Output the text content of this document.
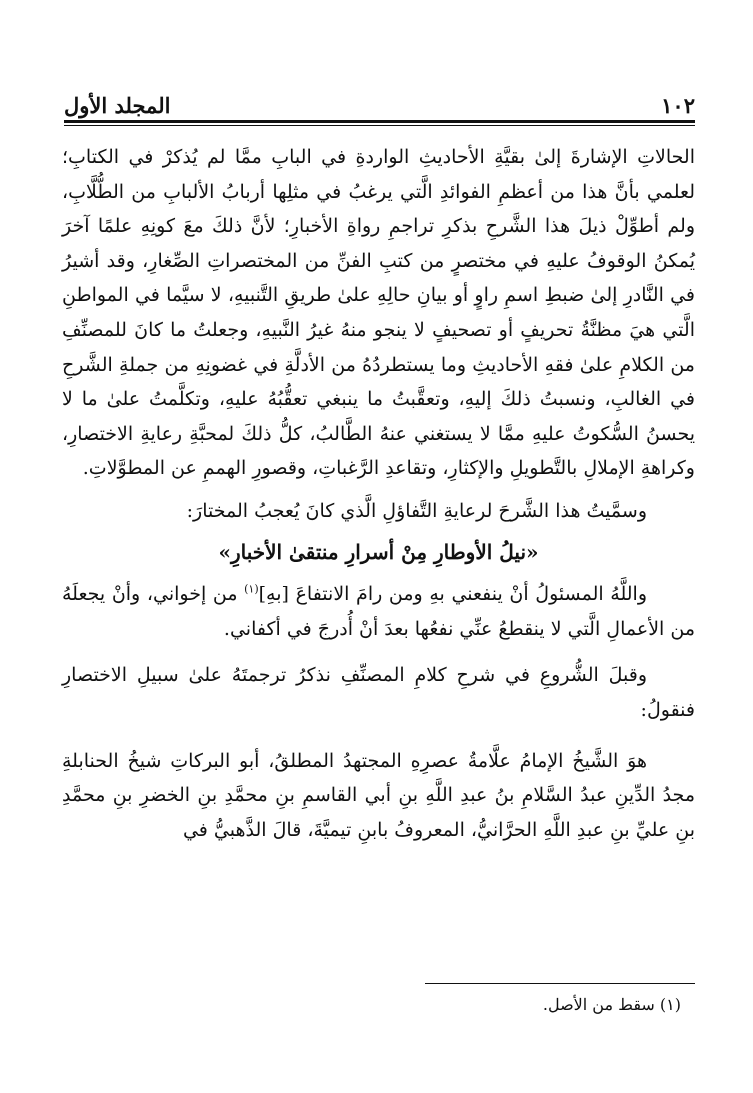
١٠٢
المجلد الأول

الحالاتِ الإشارةَ إلىٰ بقيَّةِ الأحاديثِ الواردةِ في البابِ ممَّا لم يُذكرْ في الكتابِ؛ لعلمي بأنَّ هذا من أعظمِ الفوائدِ الَّتي يرغبُ في مثلِها أربابُ الألبابِ من الطُّلَّابِ، ولم أطوِّلْ ذيلَ هذا الشَّرحِ بذكرِ تراجمِ رواةِ الأخبارِ؛ لأنَّ ذلكَ معَ كونِهِ علمًا آخرَ يُمكنُ الوقوفُ عليهِ في مختصرٍ من كتبِ الفنِّ من المختصراتِ الصِّغارِ، وقد أشيرُ في النَّادرِ إلىٰ ضبطِ اسمِ راوٍ أو بيانِ حالِهِ علىٰ طريقِ التَّنبيهِ، لا سيَّما في المواطنِ الَّتي هيَ مظنَّةُ تحريفٍ أو تصحيفٍ لا ينجو منهُ غيرُ النَّبيهِ، وجعلتُ ما كانَ للمصنِّفِ من الكلامِ علىٰ فقهِ الأحاديثِ وما يستطردُهُ من الأدلَّةِ في غضونِهِ من جملةِ الشَّرحِ في الغالبِ، ونسبتُ ذلكَ إليهِ، وتعقَّبتُ ما ينبغي تعقُّبُهُ عليهِ، وتكلَّمتُ علىٰ ما لا يحسنُ السُّكوتُ عليهِ ممَّا لا يستغني عنهُ الطَّالبُ، كلُّ ذلكَ لمحبَّةِ رعايةِ الاختصارِ، وكراهةِ الإملالِ بالتَّطويلِ والإكثارِ، وتقاعدِ الرَّغباتِ، وقصورِ الهممِ عن المطوَّلاتِ.

وسمَّيتُ هذا الشَّرحَ لرعايةِ التَّفاؤلِ الَّذي كانَ يُعجبُ المختارَ:

«نيلُ الأوطارِ مِنْ أسرارِ منتقىٰ الأخبارِ»

واللَّهُ المسئولُ أنْ ينفعني بهِ ومن رامَ الانتفاعَ [بهِ]$^{(١)}$ من إخواني، وأنْ يجعلَهُ من الأعمالِ الَّتي لا ينقطعُ عنِّي نفعُها بعدَ أنْ أُدرجَ في أكفاني.

وقبلَ الشُّروعِ في شرحِ كلامِ المصنِّفِ نذكرُ ترجمتَهُ علىٰ سبيلِ الاختصارِ فنقولُ:

هوَ الشَّيخُ الإمامُ علَّامةُ عصرِهِ المجتهدُ المطلقُ، أبو البركاتِ شيخُ الحنابلةِ مجدُ الدِّينِ عبدُ السَّلامِ بنُ عبدِ اللَّهِ بنِ أبي القاسمِ بنِ محمَّدِ بنِ الخضرِ بنِ محمَّدِ بنِ عليِّ بنِ عبدِ اللَّهِ الحرَّانيُّ، المعروفُ بابنِ تيميَّةَ، قالَ الذَّهبيُّ في

(١) سقط من الأصل.
